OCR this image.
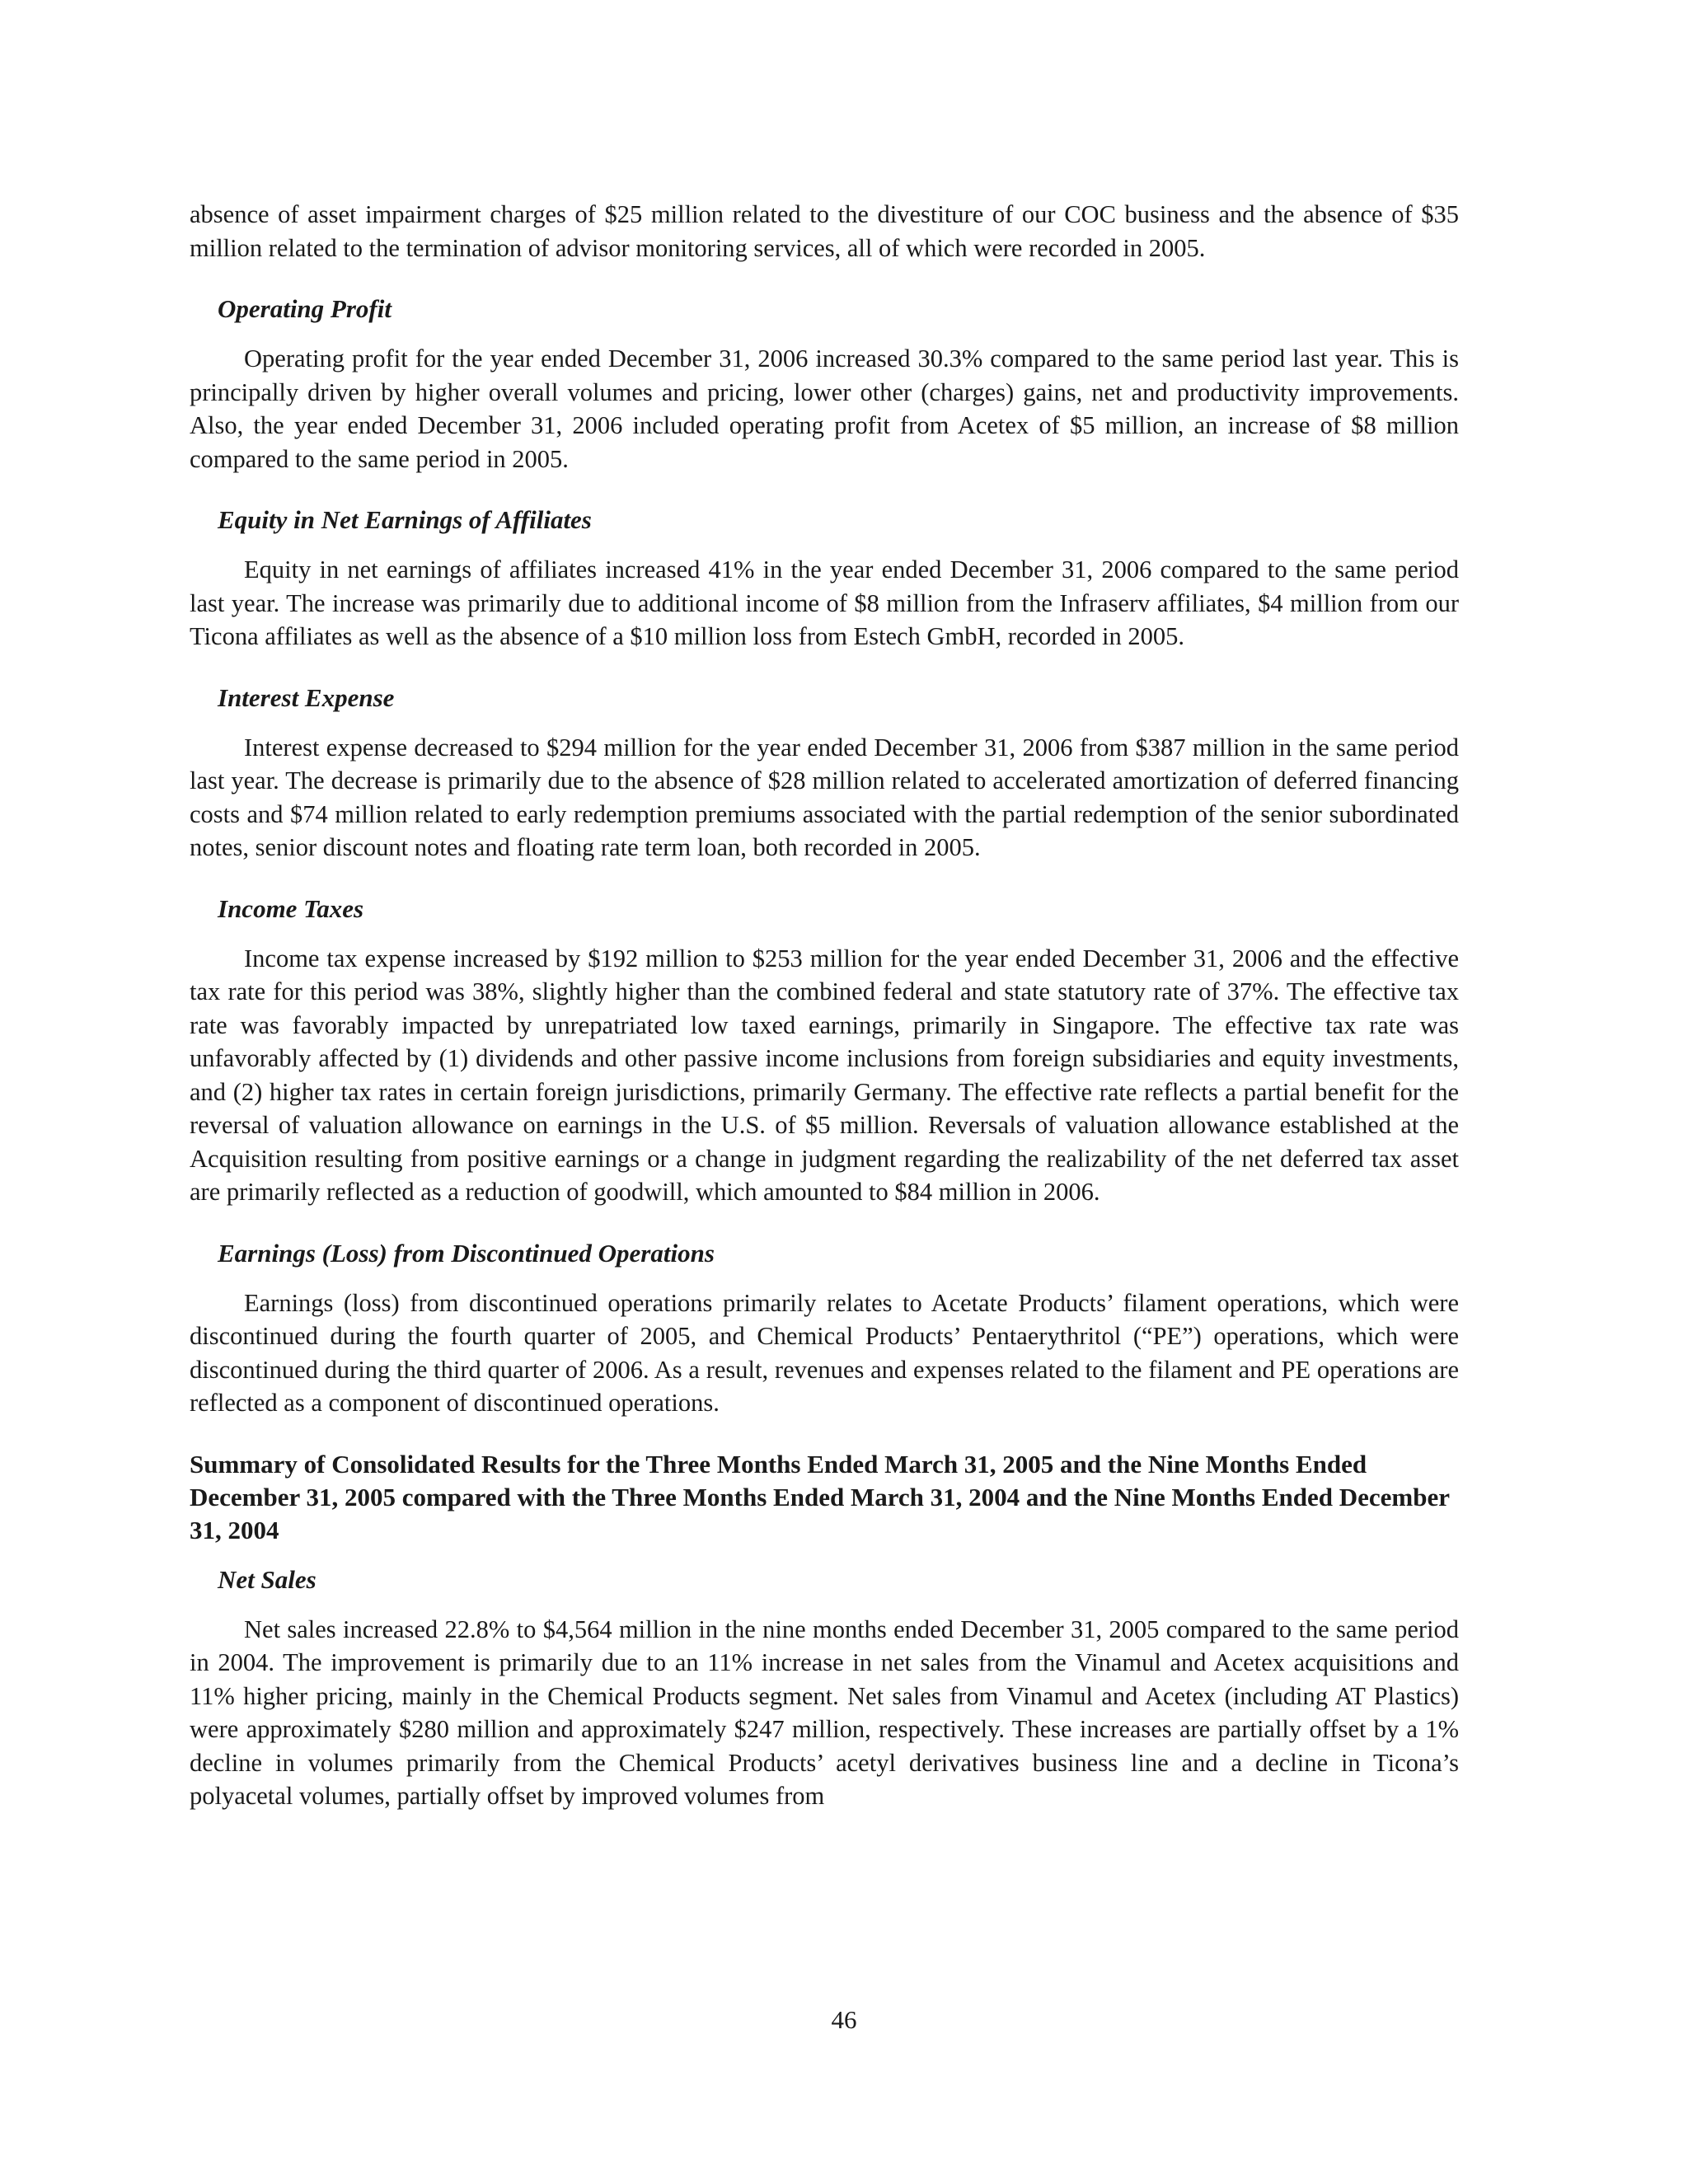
absence of asset impairment charges of $25 million related to the divestiture of our COC business and the absence of $35 million related to the termination of advisor monitoring services, all of which were recorded in 2005.

Operating Profit

Operating profit for the year ended December 31, 2006 increased 30.3% compared to the same period last year. This is principally driven by higher overall volumes and pricing, lower other (charges) gains, net and productivity improvements. Also, the year ended December 31, 2006 included operating profit from Acetex of $5 million, an increase of $8 million compared to the same period in 2005.

Equity in Net Earnings of Affiliates

Equity in net earnings of affiliates increased 41% in the year ended December 31, 2006 compared to the same period last year. The increase was primarily due to additional income of $8 million from the Infraserv affiliates, $4 million from our Ticona affiliates as well as the absence of a $10 million loss from Estech GmbH, recorded in 2005.

Interest Expense

Interest expense decreased to $294 million for the year ended December 31, 2006 from $387 million in the same period last year. The decrease is primarily due to the absence of $28 million related to accelerated amortization of deferred financing costs and $74 million related to early redemption premiums associated with the partial redemption of the senior subordinated notes, senior discount notes and floating rate term loan, both recorded in 2005.

Income Taxes

Income tax expense increased by $192 million to $253 million for the year ended December 31, 2006 and the effective tax rate for this period was 38%, slightly higher than the combined federal and state statutory rate of 37%. The effective tax rate was favorably impacted by unrepatriated low taxed earnings, primarily in Singapore. The effective tax rate was unfavorably affected by (1) dividends and other passive income inclusions from foreign subsidiaries and equity investments, and (2) higher tax rates in certain foreign jurisdictions, primarily Germany. The effective rate reflects a partial benefit for the reversal of valuation allowance on earnings in the U.S. of $5 million. Reversals of valuation allowance established at the Acquisition resulting from positive earnings or a change in judgment regarding the realizability of the net deferred tax asset are primarily reflected as a reduction of goodwill, which amounted to $84 million in 2006.

Earnings (Loss) from Discontinued Operations

Earnings (loss) from discontinued operations primarily relates to Acetate Products’ filament operations, which were discontinued during the fourth quarter of 2005, and Chemical Products’ Pentaerythritol (“PE”) operations, which were discontinued during the third quarter of 2006. As a result, revenues and expenses related to the filament and PE operations are reflected as a component of discontinued operations.

Summary of Consolidated Results for the Three Months Ended March 31, 2005 and the Nine Months Ended December 31, 2005 compared with the Three Months Ended March 31, 2004 and the Nine Months Ended December 31, 2004
Net Sales

Net sales increased 22.8% to $4,564 million in the nine months ended December 31, 2005 compared to the same period in 2004. The improvement is primarily due to an 11% increase in net sales from the Vinamul and Acetex acquisitions and 11% higher pricing, mainly in the Chemical Products segment. Net sales from Vinamul and Acetex (including AT Plastics) were approximately $280 million and approximately $247 million, respectively. These increases are partially offset by a 1% decline in volumes primarily from the Chemical Products’ acetyl derivatives business line and a decline in Ticona’s polyacetal volumes, partially offset by improved volumes from

46
